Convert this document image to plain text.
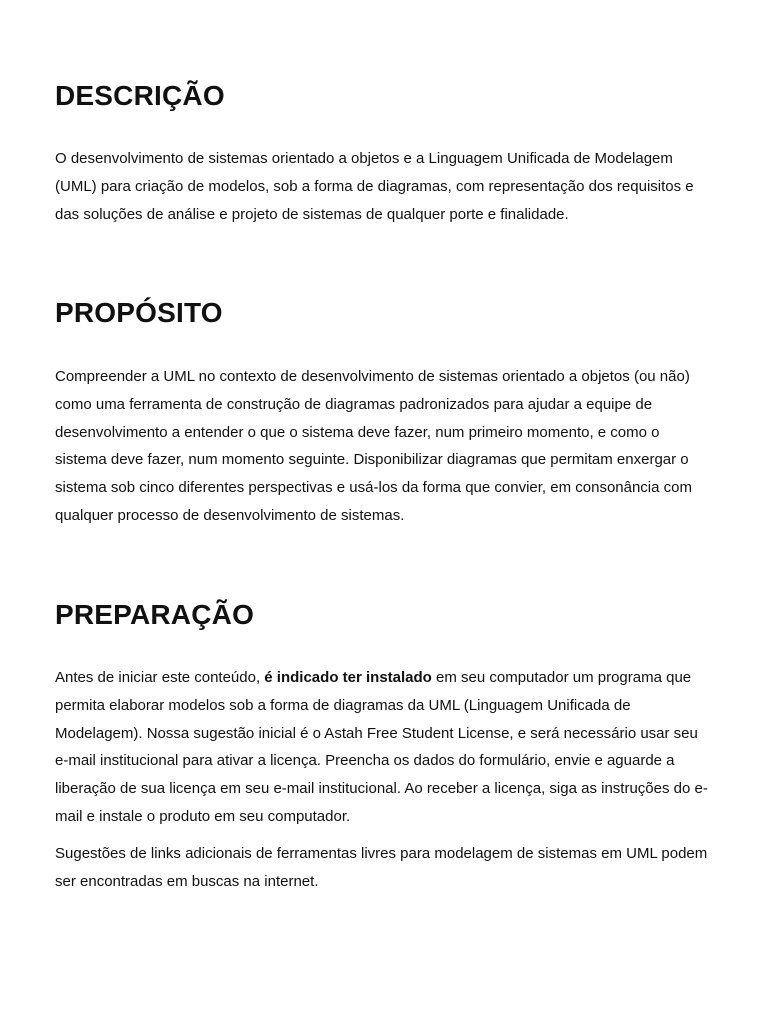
DESCRIÇÃO

O desenvolvimento de sistemas orientado a objetos e a Linguagem Unificada de Modelagem (UML) para criação de modelos, sob a forma de diagramas, com representação dos requisitos e das soluções de análise e projeto de sistemas de qualquer porte e finalidade.

PROPÓSITO

Compreender a UML no contexto de desenvolvimento de sistemas orientado a objetos (ou não) como uma ferramenta de construção de diagramas padronizados para ajudar a equipe de desenvolvimento a entender o que o sistema deve fazer, num primeiro momento, e como o sistema deve fazer, num momento seguinte. Disponibilizar diagramas que permitam enxergar o sistema sob cinco diferentes perspectivas e usá-los da forma que convier, em consonância com qualquer processo de desenvolvimento de sistemas.

PREPARAÇÃO

Antes de iniciar este conteúdo, é indicado ter instalado em seu computador um programa que permita elaborar modelos sob a forma de diagramas da UML (Linguagem Unificada de Modelagem). Nossa sugestão inicial é o Astah Free Student License, e será necessário usar seu e-mail institucional para ativar a licença. Preencha os dados do formulário, envie e aguarde a liberação de sua licença em seu e-mail institucional. Ao receber a licença, siga as instruções do e-mail e instale o produto em seu computador.

Sugestões de links adicionais de ferramentas livres para modelagem de sistemas em UML podem ser encontradas em buscas na internet.
